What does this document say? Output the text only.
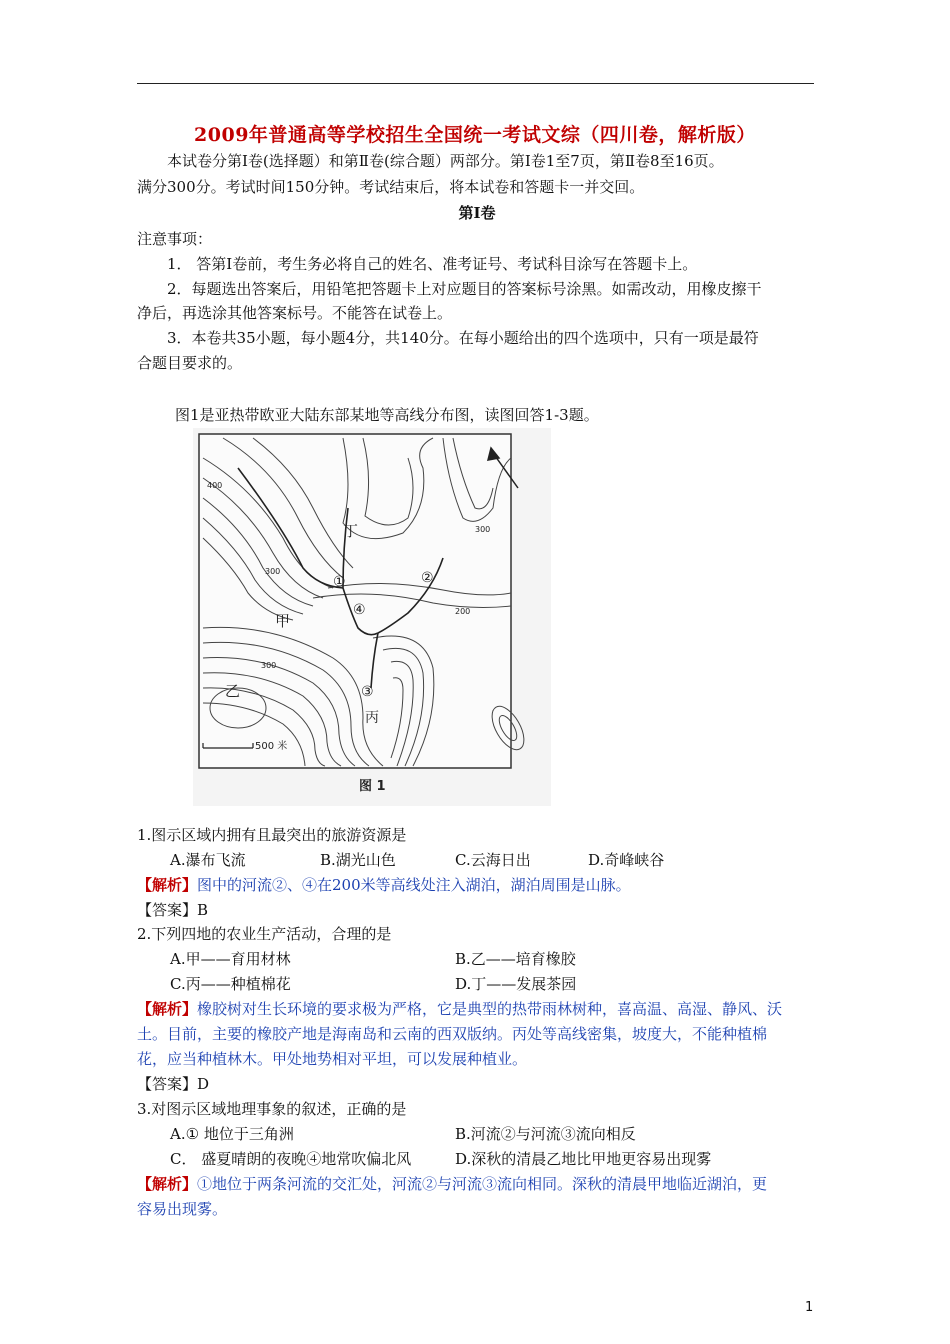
2009年普通高等学校招生全国统一考试文综（四川卷，解析版）
本试卷分第Ⅰ卷(选择题）和第Ⅱ卷(综合题）两部分。第Ⅰ卷1至7页，第Ⅱ卷8至16页。
满分300分。考试时间150分钟。考试结束后，将本试卷和答题卡一并交回。
第Ⅰ卷
注意事项：
1． 答第Ⅰ卷前，考生务必将自己的姓名、准考证号、考试科目涂写在答题卡上。
2．每题选出答案后，用铅笔把答题卡上对应题目的答案标号涂黑。如需改动，用橡皮擦干
净后，再选涂其他答案标号。不能答在试卷上。
3．本卷共35小题，每小题4分，共140分。在每小题给出的四个选项中，只有一项是最符
合题目要求的。
图1是亚热带欧亚大陆东部某地等高线分布图，读图回答1-3题。
500 米
丁
甲
乙
丙
①	②
③
④
400
300
300
300
200
图 1
1.图示区域内拥有且最突出的旅游资源是
A.瀑布飞流	B.湖光山色	C.云海日出	D.奇峰峡谷
【解析】图中的河流②、④在200米等高线处注入湖泊，湖泊周围是山脉。
【答案】B
2.下列四地的农业生产活动，合理的是
A.甲——育用材林	B.乙——培育橡胶
C.丙——种植棉花	D.丁——发展茶园
【解析】橡胶树对生长环境的要求极为严格，它是典型的热带雨林树种，喜高温、高湿、静风、沃
土。目前，主要的橡胶产地是海南岛和云南的西双版纳。丙处等高线密集，坡度大，不能种植棉
花，应当种植林木。甲处地势相对平坦，可以发展种植业。
【答案】D
3.对图示区域地理事象的叙述，正确的是
A.① 地位于三角洲	B.河流②与河流③流向相反
C． 盛夏晴朗的夜晚④地常吹偏北风	D.深秋的清晨乙地比甲地更容易出现雾
【解析】①地位于两条河流的交汇处，河流②与河流③流向相同。深秋的清晨甲地临近湖泊，更
容易出现雾。
1
